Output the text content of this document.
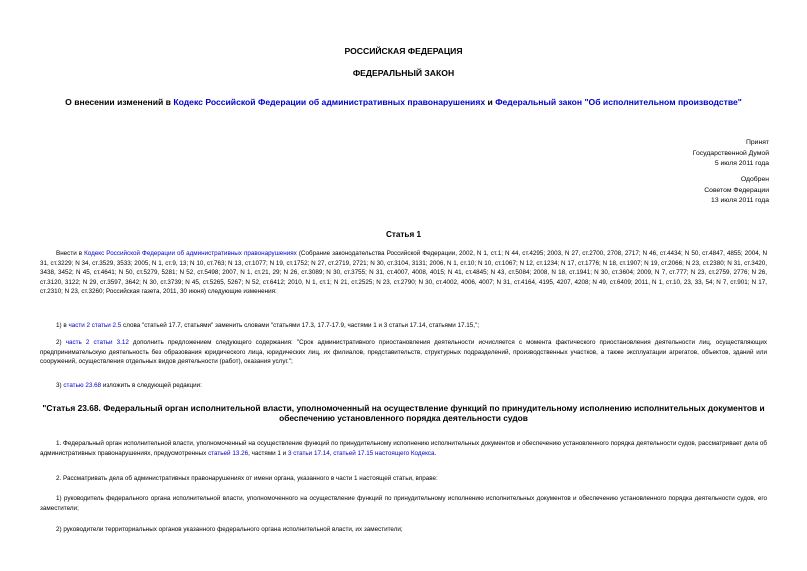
РОССИЙСКАЯ ФЕДЕРАЦИЯ
ФЕДЕРАЛЬНЫЙ ЗАКОН
О внесении изменений в Кодекс Российской Федерации об административных правонарушениях и Федеральный закон "Об исполнительном производстве"
Принят
Государственной Думой
5 июля 2011 года
Одобрен
Советом Федерации
13 июля 2011 года
Статья 1
Внести в Кодекс Российской Федерации об административных правонарушениях (Собрание законодательства Российской Федерации, 2002, N 1, ст.1; N 44, ст.4295; 2003, N 27, ст.2700, 2708, 2717; N 46, ст.4434; N 50, ст.4847, 4855; 2004, N 31, ст.3229; N 34, ст.3529, 3533; 2005, N 1, ст.9, 13; N 10, ст.763; N 13, ст.1077; N 19, ст.1752; N 27, ст.2719, 2721; N 30, ст.3104, 3131; 2006, N 1, ст.10; N 10, ст.1067; N 12, ст.1234; N 17, ст.1776; N 18, ст.1907; N 19, ст.2066; N 23, ст.2380; N 31, ст.3420, 3438, 3452; N 45, ст.4641; N 50, ст.5279, 5281; N 52, ст.5498; 2007, N 1, ст.21, 29; N 26, ст.3089; N 30, ст.3755; N 31, ст.4007, 4008, 4015; N 41, ст.4845; N 43, ст.5084; 2008, N 18, ст.1941; N 30, ст.3604; 2009, N 7, ст.777; N 23, ст.2759, 2776; N 26, ст.3120, 3122; N 29, ст.3597, 3642; N 30, ст.3739; N 45, ст.5265, 5267; N 52, ст.6412; 2010, N 1, ст.1; N 21, ст.2525; N 23, ст.2790; N 30, ст.4002, 4006, 4007; N 31, ст.4164, 4195, 4207, 4208; N 49, ст.6409; 2011, N 1, ст.10, 23, 33, 54; N 7, ст.901; N 17, ст.2310; N 23, ст.3260; Российская газета, 2011, 30 июня) следующие изменения:
1) в части 2 статьи 2.5 слова "статьей 17.7, статьями" заменить словами "статьями 17.3, 17.7-17.9, частями 1 и 3 статьи 17.14, статьями 17.15,";
2) часть 2 статьи 3.12 дополнить предложением следующего содержания: "Срок административного приостановления деятельности исчисляется с момента фактического приостановления деятельности лиц, осуществляющих предпринимательскую деятельность без образования юридического лица, юридических лиц, их филиалов, представительств, структурных подразделений, производственных участков, а также эксплуатации агрегатов, объектов, зданий или сооружений, осуществления отдельных видов деятельности (работ), оказания услуг.";
3) статью 23.68 изложить в следующей редакции:
"Статья 23.68. Федеральный орган исполнительной власти, уполномоченный на осуществление функций по принудительному исполнению исполнительных документов и обеспечению установленного порядка деятельности судов
1. Федеральный орган исполнительной власти, уполномоченный на осуществление функций по принудительному исполнению исполнительных документов и обеспечению установленного порядка деятельности судов, рассматривает дела об административных правонарушениях, предусмотренных статьей 13.26, частями 1 и 3 статьи 17.14, статьей 17.15 настоящего Кодекса.
2. Рассматривать дела об административных правонарушениях от имени органа, указанного в части 1 настоящей статьи, вправе:
1) руководитель федерального органа исполнительной власти, уполномоченного на осуществление функций по принудительному исполнению исполнительных документов и обеспечению установленного порядка деятельности судов, его заместители;
2) руководители территориальных органов указанного федерального органа исполнительной власти, их заместители;
